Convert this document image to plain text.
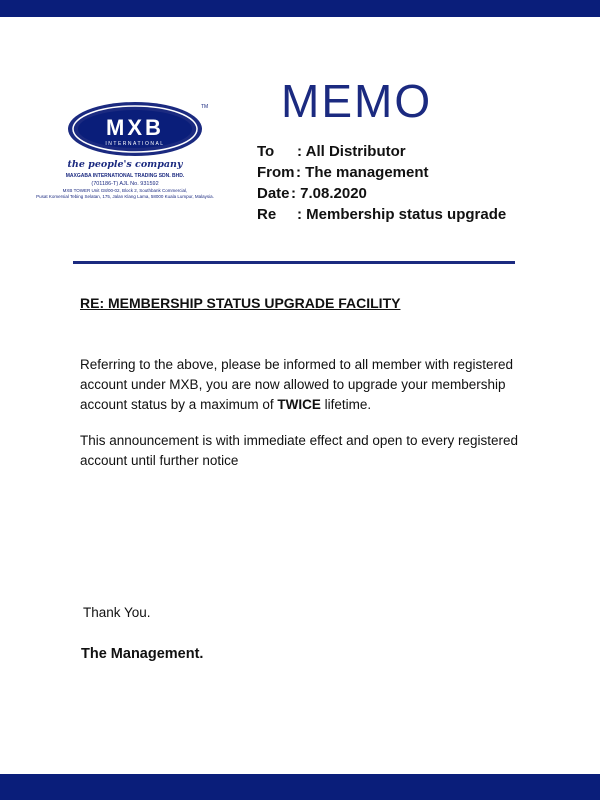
MXB
INTERNATIONAL
TM
the people's company
MAXGABA INTERNATIONAL TRADING SDN. BHD.
(701186-T) AJL No. 931592
MXB TOWER Unit G8/00-02, Block 2, Southbank Commercial,
Pusat Komersial Tebing Selatan, 175, Jalan Klang Lama, 58000 Kuala Lumpur, Malaysia.
MEMO
To : All Distributor
From : The management
Date : 7.08.2020
Re : Membership status upgrade
RE: MEMBERSHIP STATUS UPGRADE FACILITY
Referring to the above, please be informed to all member with registered account under MXB, you are now allowed to upgrade your membership account status by a maximum of TWICE lifetime.
This announcement is with immediate effect and open to every registered account until further notice
Thank You.
The Management.
